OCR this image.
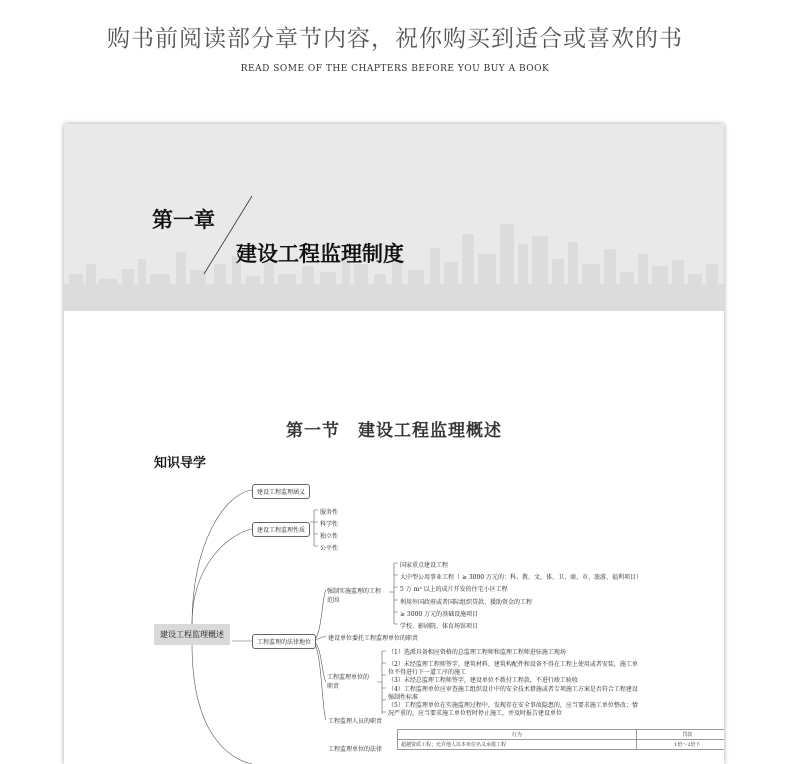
购书前阅读部分章节内容，祝你购买到适合或喜欢的书
READ SOME OF THE CHAPTERS BEFORE YOU BUY A BOOK
第一章
建设工程监理制度
第一节　建设工程监理概述
知识导学
建设工程监理概述
建设工程监理涵义
建设工程监理性质
服务性
科学性
独立性
公平性
工程监理的法律地位
强制实施监理的工程
范围
国家重点建设工程
大中型公用事业工程（ ≥ 3000 万元的：科、教、文、体、卫、商、市、旅游、福利项目）
5 万 m² 以上的成片开发的住宅小区工程
利用外国政府或者国际组织贷款、援助资金的工程
≥ 3000 万元的基础设施项目
学校、影剧院、体育场馆项目
建设单位委托工程监理单位的职责
工程监理单位的
职责
（1）选派具备相应资格的总监理工程师和监理工程师进驻施工现场
（2）未经监理工程师签字，建筑材料、建筑构配件和设备不得在工程上使用或者安装，施工单
位不得进行下一道工序的施工
（3）未经总监理工程师签字，建设单位不拨付工程款，不进行竣工验收
（4）工程监理单位应审查施工组织设计中的安全技术措施或者专项施工方案是否符合工程建设
强制性标准
（5）工程监理单位在实施监理过程中，发现存在安全事故隐患的，应当要求施工单位整改；情
况严重的，应当要求施工单位暂时停止施工，并及时报告建设单位
工程监理人员的职责
工程监理单位的法律
行为	罚款
超越资质工程；允许他人以本单位名义承揽工程	1倍～2倍下
